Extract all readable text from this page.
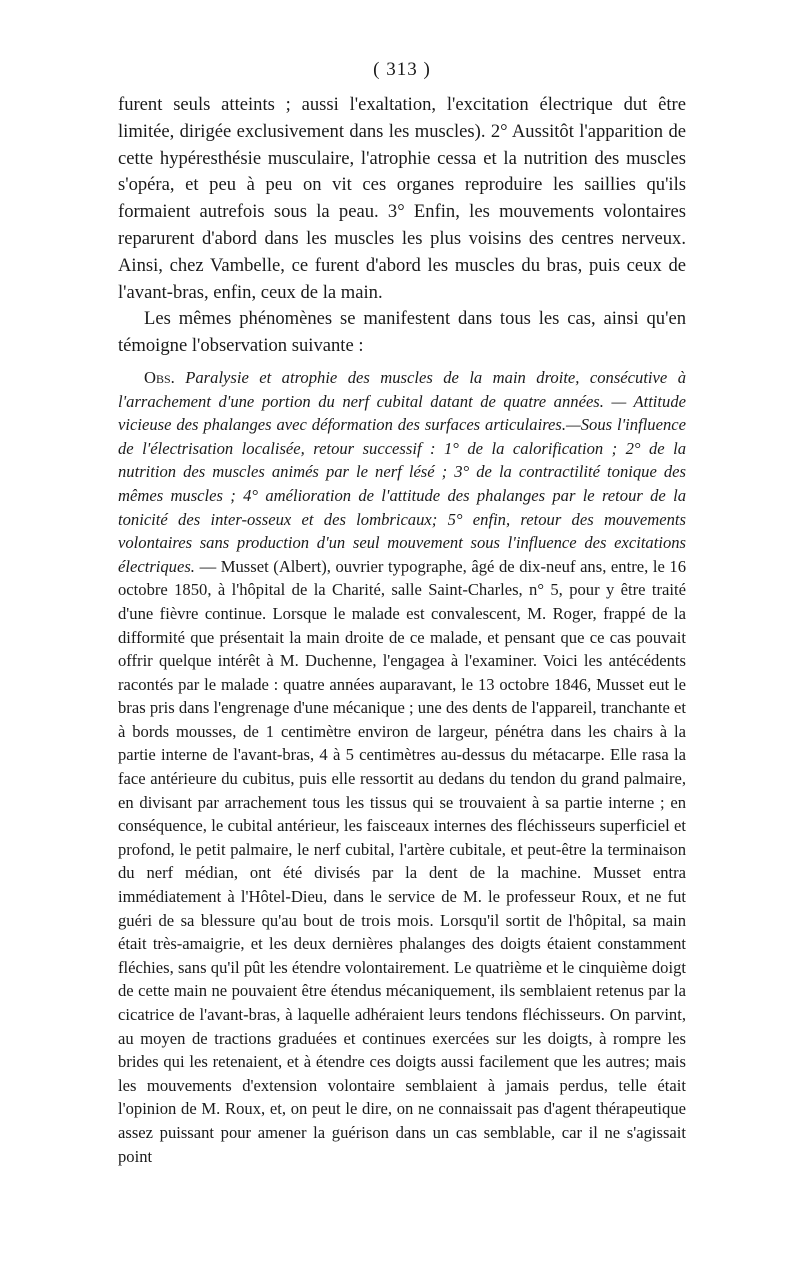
( 313 )

furent seuls atteints ; aussi l'exaltation, l'excitation électrique dut être limitée, dirigée exclusivement dans les muscles). 2° Aussitôt l'apparition de cette hypéresthésie musculaire, l'atrophie cessa et la nutrition des muscles s'opéra, et peu à peu on vit ces organes reproduire les saillies qu'ils formaient autrefois sous la peau. 3° Enfin, les mouvements volontaires reparurent d'abord dans les muscles les plus voisins des centres nerveux. Ainsi, chez Vambelle, ce furent d'abord les muscles du bras, puis ceux de l'avant-bras, enfin, ceux de la main.

Les mêmes phénomènes se manifestent dans tous les cas, ainsi qu'en témoigne l'observation suivante :

Obs. Paralysie et atrophie des muscles de la main droite, consécutive à l'arrachement d'une portion du nerf cubital datant de quatre années. — Attitude vicieuse des phalanges avec déformation des surfaces articulaires.—Sous l'influence de l'électrisation localisée, retour successif : 1° de la calorification ; 2° de la nutrition des muscles animés par le nerf lésé ; 3° de la contractilité tonique des mêmes muscles ; 4° amélioration de l'attitude des phalanges par le retour de la tonicité des inter-osseux et des lombricaux; 5° enfin, retour des mouvements volontaires sans production d'un seul mouvement sous l'influence des excitations électriques. — Musset (Albert), ouvrier typographe, âgé de dix-neuf ans, entre, le 16 octobre 1850, à l'hôpital de la Charité, salle Saint-Charles, n° 5, pour y être traité d'une fièvre continue. Lorsque le malade est convalescent, M. Roger, frappé de la difformité que présentait la main droite de ce malade, et pensant que ce cas pouvait offrir quelque intérêt à M. Duchenne, l'engagea à l'examiner. Voici les antécédents racontés par le malade : quatre années auparavant, le 13 octobre 1846, Musset eut le bras pris dans l'engrenage d'une mécanique ; une des dents de l'appareil, tranchante et à bords mousses, de 1 centimètre environ de largeur, pénétra dans les chairs à la partie interne de l'avant-bras, 4 à 5 centimètres au-dessus du métacarpe. Elle rasa la face antérieure du cubitus, puis elle ressortit au dedans du tendon du grand palmaire, en divisant par arrachement tous les tissus qui se trouvaient à sa partie interne ; en conséquence, le cubital antérieur, les faisceaux internes des fléchisseurs superficiel et profond, le petit palmaire, le nerf cubital, l'artère cubitale, et peut-être la terminaison du nerf médian, ont été divisés par la dent de la machine. Musset entra immédiatement à l'Hôtel-Dieu, dans le service de M. le professeur Roux, et ne fut guéri de sa blessure qu'au bout de trois mois. Lorsqu'il sortit de l'hôpital, sa main était très-amaigrie, et les deux dernières phalanges des doigts étaient constamment fléchies, sans qu'il pût les étendre volontairement. Le quatrième et le cinquième doigt de cette main ne pouvaient être étendus mécaniquement, ils semblaient retenus par la cicatrice de l'avant-bras, à laquelle adhéraient leurs tendons fléchisseurs. On parvint, au moyen de tractions graduées et continues exercées sur les doigts, à rompre les brides qui les retenaient, et à étendre ces doigts aussi facilement que les autres; mais les mouvements d'extension volontaire semblaient à jamais perdus, telle était l'opinion de M. Roux, et, on peut le dire, on ne connaissait pas d'agent thérapeutique assez puissant pour amener la guérison dans un cas semblable, car il ne s'agissait point
